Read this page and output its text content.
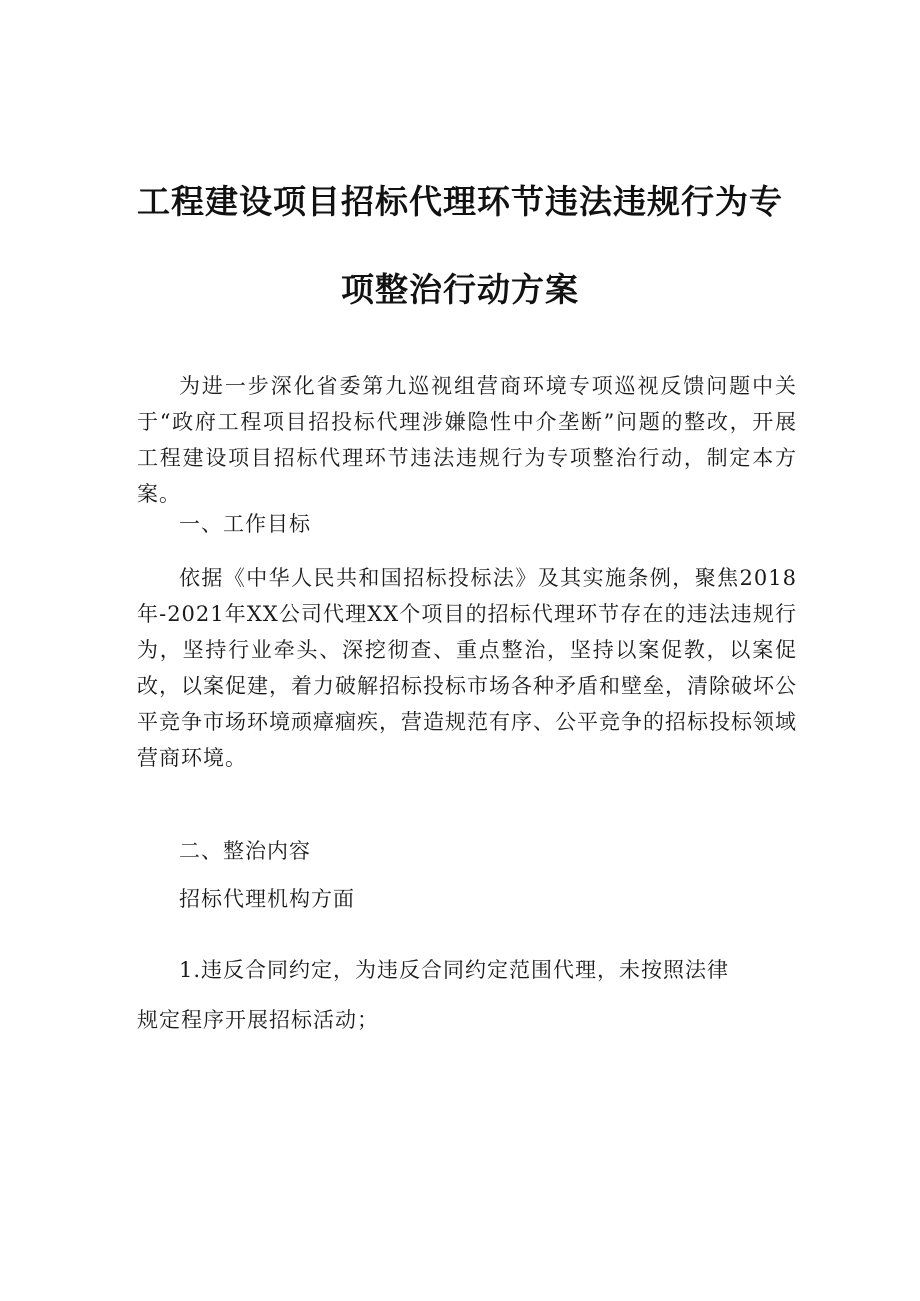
工程建设项目招标代理环节违法违规行为专
项整治行动方案

为进一步深化省委第九巡视组营商环境专项巡视反馈问题中关于“政府工程项目招投标代理涉嫌隐性中介垄断”问题的整改，开展工程建设项目招标代理环节违法违规行为专项整治行动，制定本方案。

一、工作目标

依据《中华人民共和国招标投标法》及其实施条例，聚焦2018年-2021年XX公司代理XX个项目的招标代理环节存在的违法违规行为，坚持行业牵头、深挖彻查、重点整治，坚持以案促教，以案促改，以案促建，着力破解招标投标市场各种矛盾和壁垒，清除破坏公平竞争市场环境顽瘴痼疾，营造规范有序、公平竞争的招标投标领域营商环境。

二、整治内容
招标代理机构方面
1.违反合同约定，为违反合同约定范围代理，未按照法律
规定程序开展招标活动；
